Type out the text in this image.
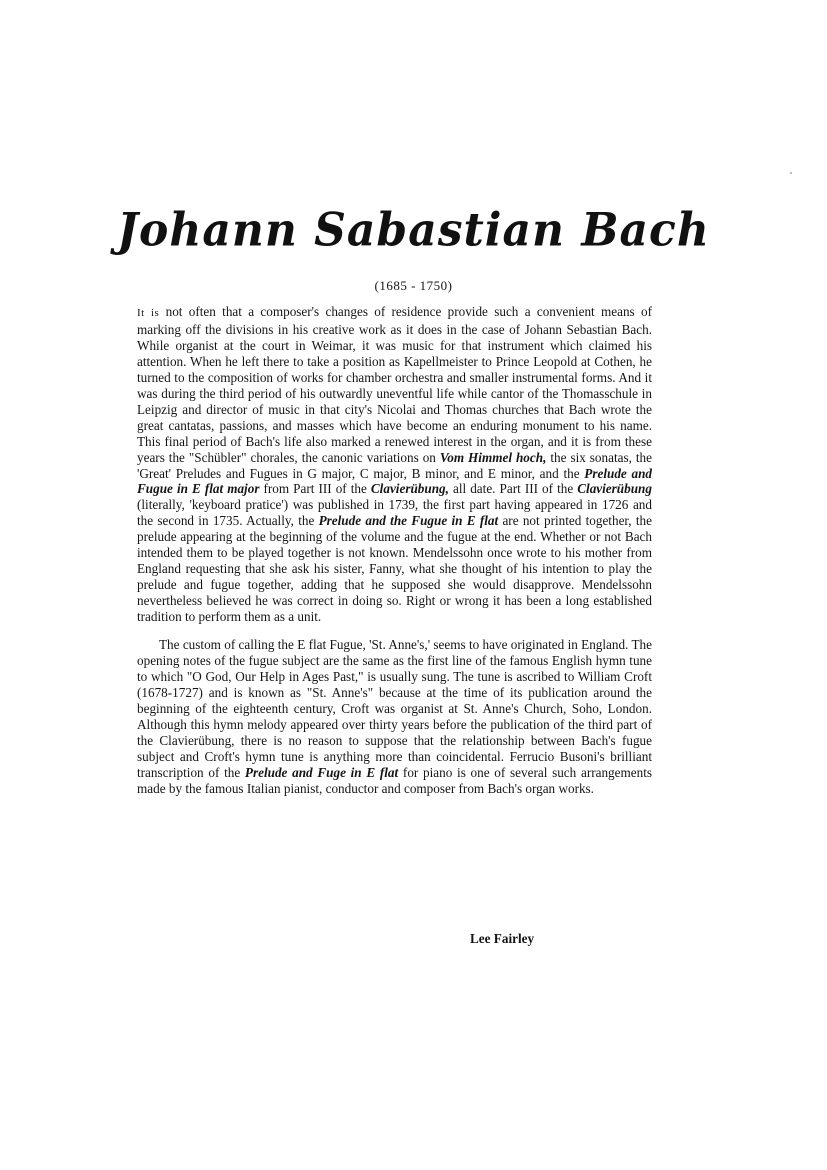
Johann Sabastian Bach
(1685 - 1750)

It is not often that a composer's changes of residence provide such a convenient means of marking off the divisions in his creative work as it does in the case of Johann Sebastian Bach. While organist at the court in Weimar, it was music for that instrument which claimed his attention. When he left there to take a position as Kapellmeister to Prince Leopold at Cothen, he turned to the composition of works for chamber orchestra and smaller instrumental forms. And it was during the third period of his outwardly uneventful life while cantor of the Thomasschule in Leipzig and director of music in that city's Nicolai and Thomas churches that Bach wrote the great cantatas, passions, and masses which have become an enduring monument to his name. This final period of Bach's life also marked a renewed interest in the organ, and it is from these years the "Schübler" chorales, the canonic variations on Vom Himmel hoch, the six sonatas, the 'Great' Preludes and Fugues in G major, C major, B minor, and E minor, and the Prelude and Fugue in E flat major from Part III of the Clavierübung, all date. Part III of the Clavierübung (literally, 'keyboard pratice') was published in 1739, the first part having appeared in 1726 and the second in 1735. Actually, the Prelude and the Fugue in E flat are not printed together, the prelude appearing at the beginning of the volume and the fugue at the end. Whether or not Bach intended them to be played together is not known. Mendelssohn once wrote to his mother from England requesting that she ask his sister, Fanny, what she thought of his intention to play the prelude and fugue together, adding that he supposed she would disapprove. Mendelssohn nevertheless believed he was correct in doing so. Right or wrong it has been a long established tradition to perform them as a unit.

The custom of calling the E flat Fugue, 'St. Anne's,' seems to have originated in England. The opening notes of the fugue subject are the same as the first line of the famous English hymn tune to which "O God, Our Help in Ages Past," is usually sung. The tune is ascribed to William Croft (1678-1727) and is known as "St. Anne's" because at the time of its publication around the beginning of the eighteenth century, Croft was organist at St. Anne's Church, Soho, London. Although this hymn melody appeared over thirty years before the publication of the third part of the Clavierübung, there is no reason to suppose that the relationship between Bach's fugue subject and Croft's hymn tune is anything more than coincidental. Ferrucio Busoni's brilliant transcription of the Prelude and Fuge in E flat for piano is one of several such arrangements made by the famous Italian pianist, conductor and composer from Bach's organ works.

Lee Fairley
